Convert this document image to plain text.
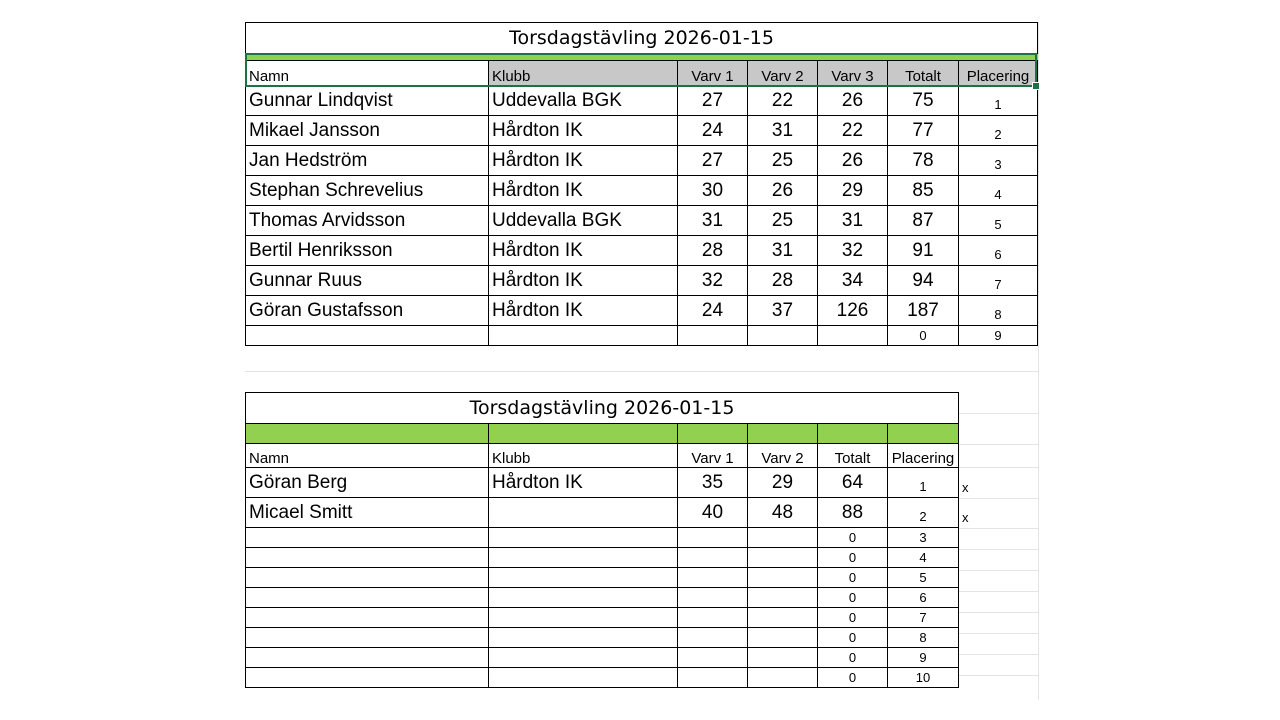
Torsdagstävling 2026-01-15						

Namn	Klubb	Varv 1	Varv 2	Varv 3	Totalt	Placering
Gunnar Lindqvist	Uddevalla BGK	27	22	26	75	1
Mikael Jansson	Hårdton IK	24	31	22	77	2
Jan Hedström	Hårdton IK	27	25	26	78	3
Stephan Schrevelius	Hårdton IK	30	26	29	85	4
Thomas Arvidsson	Uddevalla BGK	31	25	31	87	5
Bertil Henriksson	Hårdton IK	28	31	32	91	6
Gunnar Ruus	Hårdton IK	32	28	34	94	7
Göran Gustafsson	Hårdton IK	24	37	126	187	8
					0	9
Torsdagstävling 2026-01-15					

Namn	Klubb	Varv 1	Varv 2	Totalt	Placering
Göran Berg	Hårdton IK	35	29	64	1
Micael Smitt		40	48	88	2
				0	3
				0	4
				0	5
				0	6
				0	7
				0	8
				0	9
				0	10
x
x
